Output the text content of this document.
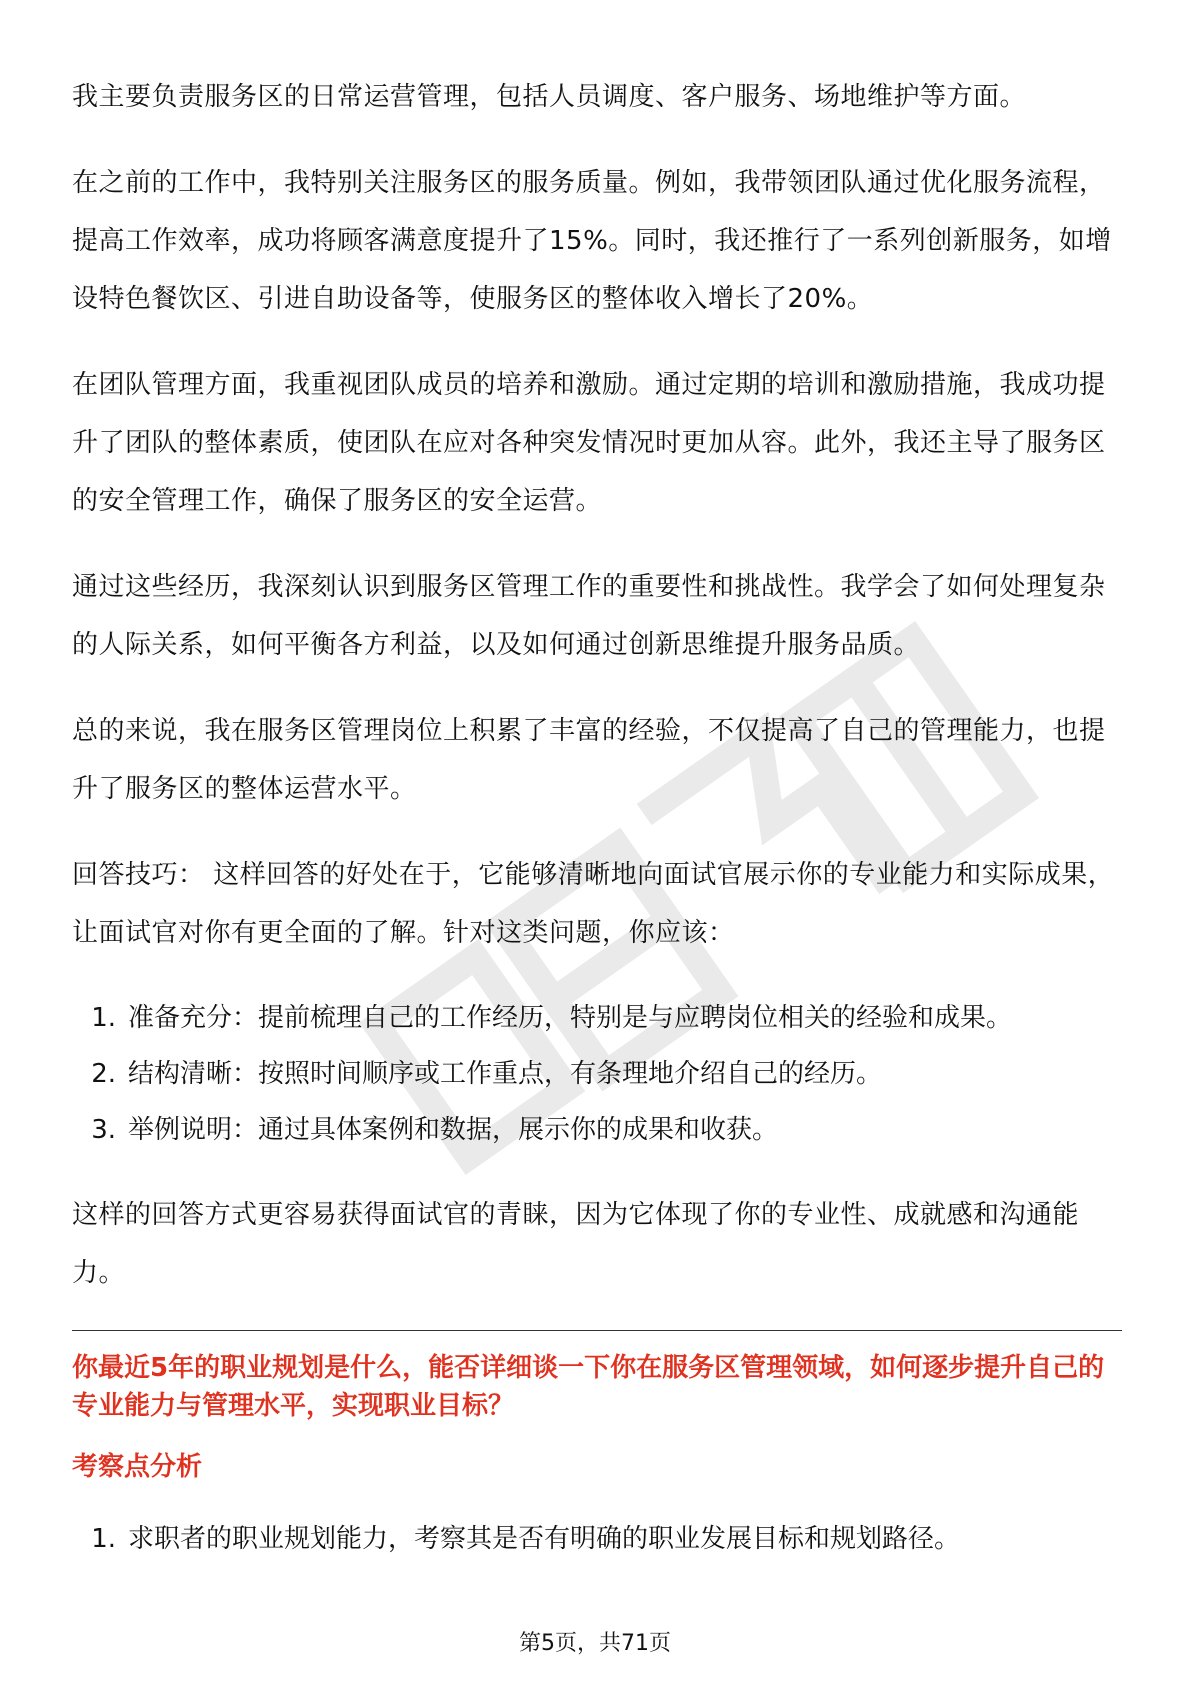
我主要负责服务区的日常运营管理，包括人员调度、客户服务、场地维护等方面。

在之前的工作中，我特别关注服务区的服务质量。例如，我带领团队通过优化服务流程，提高工作效率，成功将顾客满意度提升了15%。同时，我还推行了一系列创新服务，如增设特色餐饮区、引进自助设备等，使服务区的整体收入增长了20%。

在团队管理方面，我重视团队成员的培养和激励。通过定期的培训和激励措施，我成功提升了团队的整体素质，使团队在应对各种突发情况时更加从容。此外，我还主导了服务区的安全管理工作，确保了服务区的安全运营。

通过这些经历，我深刻认识到服务区管理工作的重要性和挑战性。我学会了如何处理复杂的人际关系，如何平衡各方利益，以及如何通过创新思维提升服务品质。

总的来说，我在服务区管理岗位上积累了丰富的经验，不仅提高了自己的管理能力，也提升了服务区的整体运营水平。

回答技巧： 这样回答的好处在于，它能够清晰地向面试官展示你的专业能力和实际成果，让面试官对你有更全面的了解。针对这类问题，你应该：

1. 准备充分：提前梳理自己的工作经历，特别是与应聘岗位相关的经验和成果。
2. 结构清晰：按照时间顺序或工作重点，有条理地介绍自己的经历。
3. 举例说明：通过具体案例和数据，展示你的成果和收获。

这样的回答方式更容易获得面试官的青睐，因为它体现了你的专业性、成就感和沟通能力。

你最近5年的职业规划是什么，能否详细谈一下你在服务区管理领域，如何逐步提升自己的专业能力与管理水平，实现职业目标？

考察点分析

1. 求职者的职业规划能力，考察其是否有明确的职业发展目标和规划路径。
第5页，共71页
